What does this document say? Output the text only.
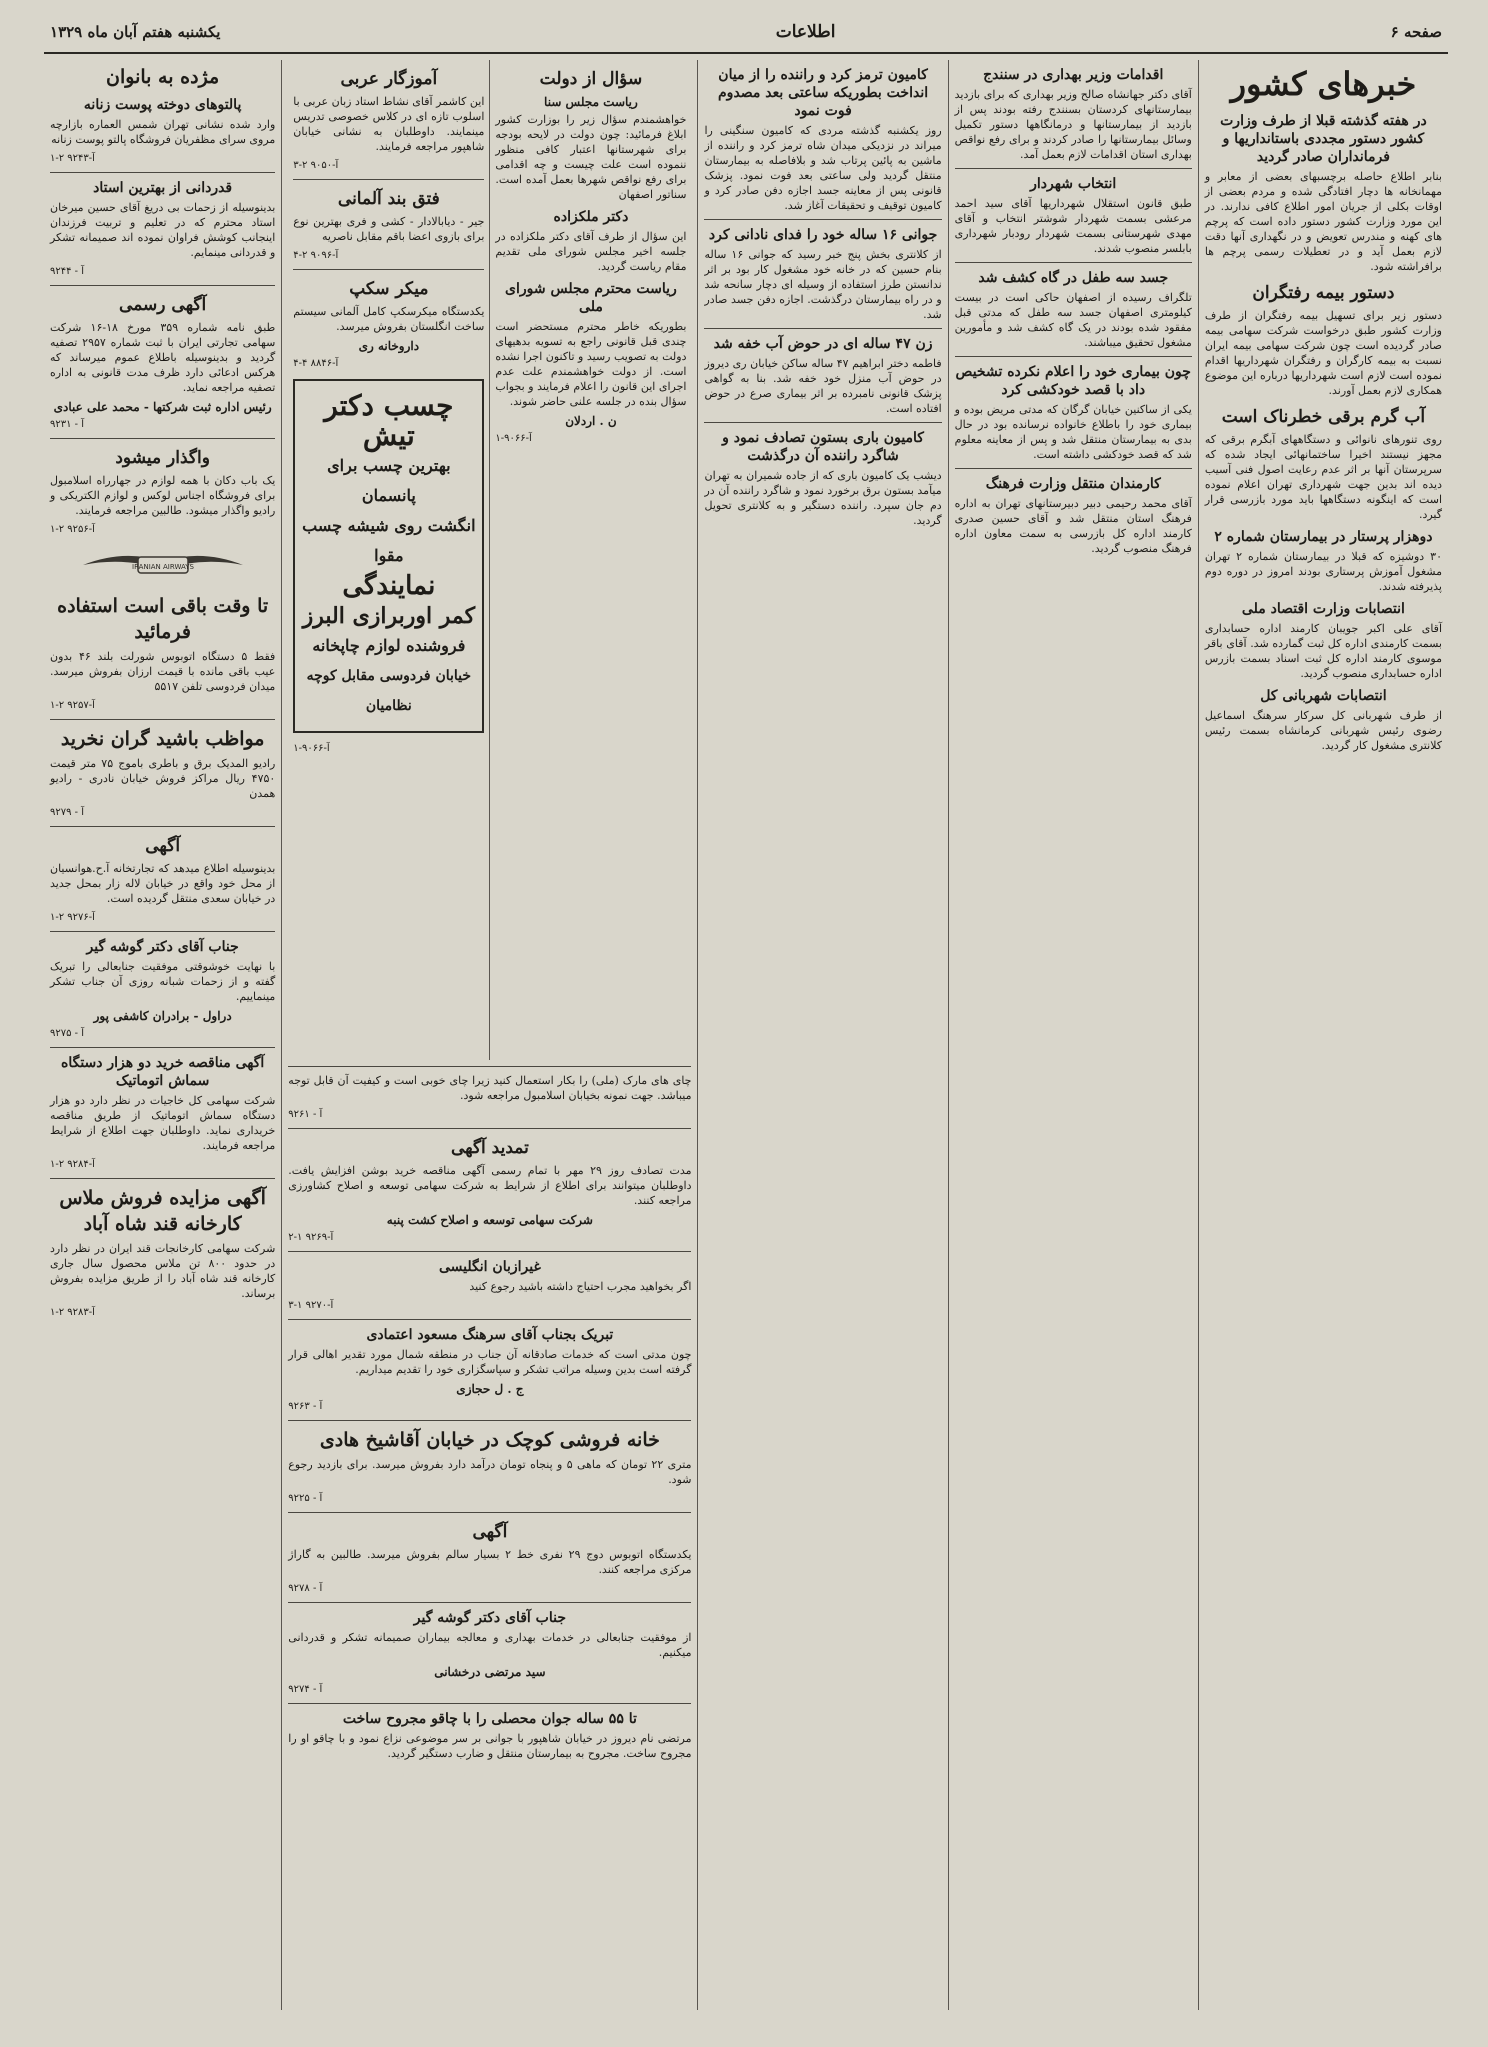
صفحه ۶
اطلاعات
یکشنبه هفتم آبان ماه ۱۳۲۹
خبرهای کشور
در هفته گذشته قبلا از طرف وزارت کشور دستور مجددی باستانداریها و فرمانداران صادر گردید

بنابر اطلاع حاصله برچسبهای بعضی از معابر و مهمانخانه ها دچار افتادگی شده و مردم بعضی از اوقات بکلی از جریان امور اطلاع کافی ندارند. در این مورد وزارت کشور دستور داده است که پرچم های کهنه و مندرس تعویض و در نگهداری آنها دقت لازم بعمل آید و در تعطیلات رسمی پرچم ها برافراشته شود.

دستور بیمه رفتگران

دستور زیر برای تسهیل بیمه رفتگران از طرف وزارت کشور طبق درخواست شرکت سهامی بیمه صادر گردیده است چون شرکت سهامی بیمه ایران نسبت به بیمه کارگران و رفتگران شهرداریها اقدام نموده است لازم است شهرداریها درباره این موضوع همکاری لازم بعمل آورند.

آب گرم برقی خطرناک است

روی تنورهای نانوائی و دستگاههای آبگرم برقی که مجهز نیستند اخیرا ساختمانهائی ایجاد شده که سرپرستان آنها بر اثر عدم رعایت اصول فنی آسیب دیده اند بدین جهت شهرداری تهران اعلام نموده است که اینگونه دستگاهها باید مورد بازرسی قرار گیرد.

دوهزار پرستار در بیمارستان شماره ۲

۳۰ دوشیزه که قبلا در بیمارستان شماره ۲ تهران مشغول آموزش پرستاری بودند امروز در دوره دوم پذیرفته شدند.

انتصابات وزارت اقتصاد ملی

آقای علی اکبر جویبان کارمند اداره حسابداری بسمت کارمندی اداره کل ثبت گمارده شد. آقای باقر موسوی کارمند اداره کل ثبت اسناد بسمت بازرس اداره حسابداری منصوب گردید.

انتصابات شهربانی کل

از طرف شهربانی کل سرکار سرهنگ اسماعیل رضوی رئیس شهربانی کرمانشاه بسمت رئیس کلانتری مشغول کار گردید.

اقدامات وزیر بهداری در سنندج

آقای دکتر جهانشاه صالح وزیر بهداری که برای بازدید بیمارستانهای کردستان بسنندج رفته بودند پس از بازدید از بیمارستانها و درمانگاهها دستور تکمیل وسائل بیمارستانها را صادر کردند و برای رفع نواقص بهداری استان اقدامات لازم بعمل آمد.

انتخاب شهردار

طبق قانون استقلال شهرداریها آقای سید احمد مرعشی بسمت شهردار شوشتر انتخاب و آقای مهدی شهرستانی بسمت شهردار رودبار شهرداری بابلسر منصوب شدند.

جسد سه طفل در گاه کشف شد

تلگراف رسیده از اصفهان حاکی است در بیست کیلومتری اصفهان جسد سه طفل که مدتی قبل مفقود شده بودند در یک گاه کشف شد و مأمورین مشغول تحقیق میباشند.

چون بیماری خود را اعلام نکرده تشخیص داد با قصد خودکشی کرد

یکی از ساکنین خیابان گرگان که مدتی مریض بوده و بیماری خود را باطلاع خانواده نرسانده بود در حال بدی به بیمارستان منتقل شد و پس از معاینه معلوم شد که قصد خودکشی داشته است.

کارمندان منتقل وزارت فرهنگ

آقای محمد رحیمی دبیر دبیرستانهای تهران به اداره فرهنگ استان منتقل شد و آقای حسین صدری کارمند اداره کل بازرسی به سمت معاون اداره فرهنگ منصوب گردید.

کامیون ترمز کرد و راننده را از میان انداخت بطوریکه ساعتی بعد مصدوم فوت نمود

روز یکشنبه گذشته مردی که کامیون سنگینی را میراند در نزدیکی میدان شاه ترمز کرد و راننده از ماشین به پائین پرتاب شد و بلافاصله به بیمارستان منتقل گردید ولی ساعتی بعد فوت نمود. پزشک قانونی پس از معاینه جسد اجازه دفن صادر کرد و کامیون توقیف و تحقیقات آغاز شد.

جوانی ۱۶ ساله خود را فدای نادانی کرد

از کلانتری بخش پنج خبر رسید که جوانی ۱۶ ساله بنام حسین که در خانه خود مشغول کار بود بر اثر ندانستن طرز استفاده از وسیله ای دچار سانحه شد و در راه بیمارستان درگذشت. اجازه دفن جسد صادر شد.

زن ۴۷ ساله ای در حوض آب خفه شد

فاطمه دختر ابراهیم ۴۷ ساله ساکن خیابان ری دیروز در حوض آب منزل خود خفه شد. بنا به گواهی پزشک قانونی نامبرده بر اثر بیماری صرع در حوض افتاده است.

کامیون باری بستون تصادف نمود و شاگرد راننده آن درگذشت

دیشب یک کامیون باری که از جاده شمیران به تهران میآمد بستون برق برخورد نمود و شاگرد راننده آن در دم جان سپرد. راننده دستگیر و به کلانتری تحویل گردید.

سؤال از دولت
ریاست مجلس سنا

خواهشمندم سؤال زیر را بوزارت کشور ابلاغ فرمائید: چون دولت در لایحه بودجه برای شهرستانها اعتبار کافی منظور ننموده است علت چیست و چه اقدامی برای رفع نواقص شهرها بعمل آمده است. سناتور اصفهان

دکتر ملکزاده

این سؤال از طرف آقای دکتر ملکزاده در جلسه اخیر مجلس شورای ملی تقدیم مقام ریاست گردید.

ریاست محترم مجلس شورای ملی

بطوریکه خاطر محترم مستحضر است چندی قبل قانونی راجع به تسویه بدهیهای دولت به تصویب رسید و تاکنون اجرا نشده است. از دولت خواهشمندم علت عدم اجرای این قانون را اعلام فرمایند و بجواب سؤال بنده در جلسه علنی حاضر شوند.

ن . اردلان
۱-آ-۹۰۶۶
آموزگار عربی

این کاشمر آقای نشاط استاد زبان عربی با اسلوب تازه ای در کلاس خصوصی تدریس مینمایند. داوطلبان به نشانی خیابان شاهپور مراجعه فرمایند.

۳-۲ آ-۹۰۵۰
فتق بند آلمانی

جیر - دیابالادار - کشی و فری بهترین نوع برای بازوی اعضا باقم مقابل ناصریه

۴-۲ آ-۹۰۹۶
میکر سکپ

یکدستگاه میکرسکپ کامل آلمانی سیستم ساخت انگلستان بفروش میرسد.

داروخانه ری
۴-۴ آ-۸۸۴۶
چسب دکتر تیش
بهترین چسب برای پانسمان
انگشت روی شیشه چسب مقوا
نمایندگی
کمر اوربرازی البرز
فروشنده لوازم چاپخانه
خیابان فردوسی مقابل کوچه نظامیان
۱-آ-۹۰۶۶

چای های مارک (ملی) را بکار استعمال کنید زیرا چای خوبی است و کیفیت آن قابل توجه میباشد. جهت نمونه بخیابان اسلامبول مراجعه شود.

آ - ۹۲۶۱
تمدید آگهی

مدت تصادف روز ۲۹ مهر با تمام رسمی آگهی مناقصه خرید بوشن افزایش یافت. داوطلبان میتوانند برای اطلاع از شرایط به شرکت سهامی توسعه و اصلاح کشاورزی مراجعه کنند.

شرکت سهامی توسعه و اصلاح کشت پنبه
۲-۱ آ-۹۲۶۹
غیرازبان انگلیسی

اگر بخواهید مجرب احتیاج داشته باشید رجوع کنید

۳-۱ آ-۹۲۷۰
تبریک بجناب آقای سرهنگ مسعود اعتمادی

چون مدتی است که خدمات صادقانه آن جناب در منطقه شمال مورد تقدیر اهالی قرار گرفته است بدین وسیله مراتب تشکر و سپاسگزاری خود را تقدیم میداریم.

ج . ل حجازی
آ - ۹۲۶۳
خانه فروشی کوچک در خیابان آقاشیخ هادی

متری ۲۲ تومان که ماهی ۵ و پنجاه تومان درآمد دارد بفروش میرسد. برای بازدید رجوع شود.

آ - ۹۲۲۵
آگهی

یکدستگاه اتوبوس دوج ۲۹ نفری خط ۲ بسیار سالم بفروش میرسد. طالبین به گاراژ مرکزی مراجعه کنند.

آ - ۹۲۷۸
جناب آقای دکتر گوشه گیر

از موفقیت جنابعالی در خدمات بهداری و معالجه بیماران صمیمانه تشکر و قدردانی میکنیم.

سید مرتضی درخشانی
آ - ۹۲۷۴
تا ۵۵ ساله جوان محصلی را با چاقو مجروح ساخت

مرتضی نام دیروز در خیابان شاهپور با جوانی بر سر موضوعی نزاع نمود و با چاقو او را مجروح ساخت. مجروح به بیمارستان منتقل و ضارب دستگیر گردید.

مژده به بانوان
پالتوهای دوخته پوست زنانه

وارد شده نشانی تهران شمس العماره بازارچه مروی سرای مظفریان فروشگاه پالتو پوست زنانه

۱-۲ آ-۹۲۴۳
قدردانی از بهترین استاد

بدینوسیله از زحمات بی دریغ آقای حسین میرخان استاد محترم که در تعلیم و تربیت فرزندان اینجانب کوشش فراوان نموده اند صمیمانه تشکر و قدردانی مینمایم.

آ - ۹۲۴۴
آگهی رسمی

طبق نامه شماره ۳۵۹ مورخ ۱۸-۱۶ شرکت سهامی تجارتی ایران با ثبت شماره ۲۹۵۷ تصفیه گردید و بدینوسیله باطلاع عموم میرساند که هرکس ادعائی دارد ظرف مدت قانونی به اداره تصفیه مراجعه نماید.

رئیس اداره ثبت شرکتها - محمد علی عبادی
آ - ۹۲۳۱
واگذار میشود

یک باب دکان با همه لوازم در جهارراه اسلامبول برای فروشگاه اجناس لوکس و لوازم الکتریکی و رادیو واگذار میشود. طالبین مراجعه فرمایند.

۱-۲ آ-۹۲۵۶
IRANIAN AIRWAYS
تا وقت باقی است استفاده فرمائید

فقط ۵ دستگاه اتوبوس شورلت بلند ۴۶ بدون عیب باقی مانده با قیمت ارزان بفروش میرسد. میدان فردوسی تلفن ۵۵۱۷

۱-۲ آ-۹۲۵۷
مواظب باشید گران نخرید

رادیو المدیک برق و باطری باموج ۷۵ متر قیمت ۴۷۵۰ ریال مراکز فروش خیابان نادری - رادیو همدن

آ - ۹۲۷۹
آگهی

بدینوسیله اطلاع میدهد که تجارتخانه آ.ح.هوانسیان از محل خود واقع در خیابان لاله زار بمحل جدید در خیابان سعدی منتقل گردیده است.

۱-۲ آ-۹۲۷۶
جناب آقای دکتر گوشه گیر

با نهایت خوشوقتی موفقیت جنابعالی را تبریک گفته و از زحمات شبانه روزی آن جناب تشکر مینماییم.

دراول - برادران کاشفی پور
آ - ۹۲۷۵
آگهی مناقصه خرید دو هزار دستگاه سماش اتوماتیک

شرکت سهامی کل خاجیات در نظر دارد دو هزار دستگاه سماش اتوماتیک از طریق مناقصه خریداری نماید. داوطلبان جهت اطلاع از شرایط مراجعه فرمایند.

۱-۲ آ-۹۲۸۴
آگهی مزایده فروش ملاس کارخانه قند شاه آباد

شرکت سهامی کارخانجات قند ایران در نظر دارد در حدود ۸۰۰ تن ملاس محصول سال جاری کارخانه قند شاه آباد را از طریق مزایده بفروش برساند.

۱-۲ آ-۹۲۸۳
